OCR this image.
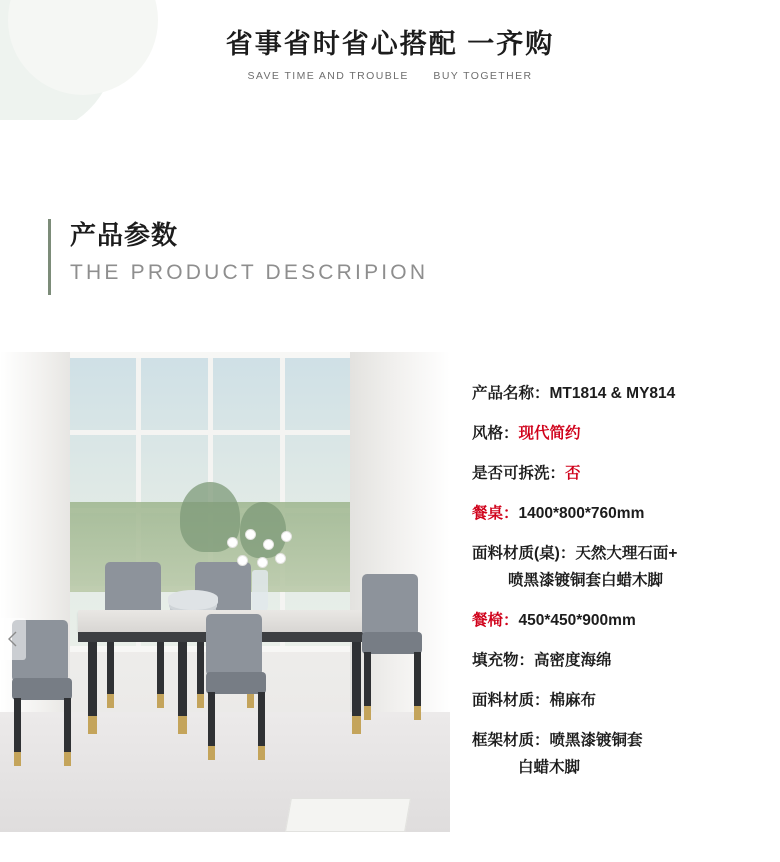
省事省时省心搭配 一齐购
SAVE TIME AND TROUBLE BUY TOGETHER
产品参数
THE PRODUCT DESCRIPION
产品名称：MT1814 & MY814
风格：现代简约
是否可拆洗：否
餐桌：1400*800*760mm
面料材质(桌)：天然大理石面+
喷黑漆镀铜套白蜡木脚
餐椅：450*450*900mm
填充物：高密度海绵
面料材质：棉麻布
框架材质：喷黑漆镀铜套
白蜡木脚
